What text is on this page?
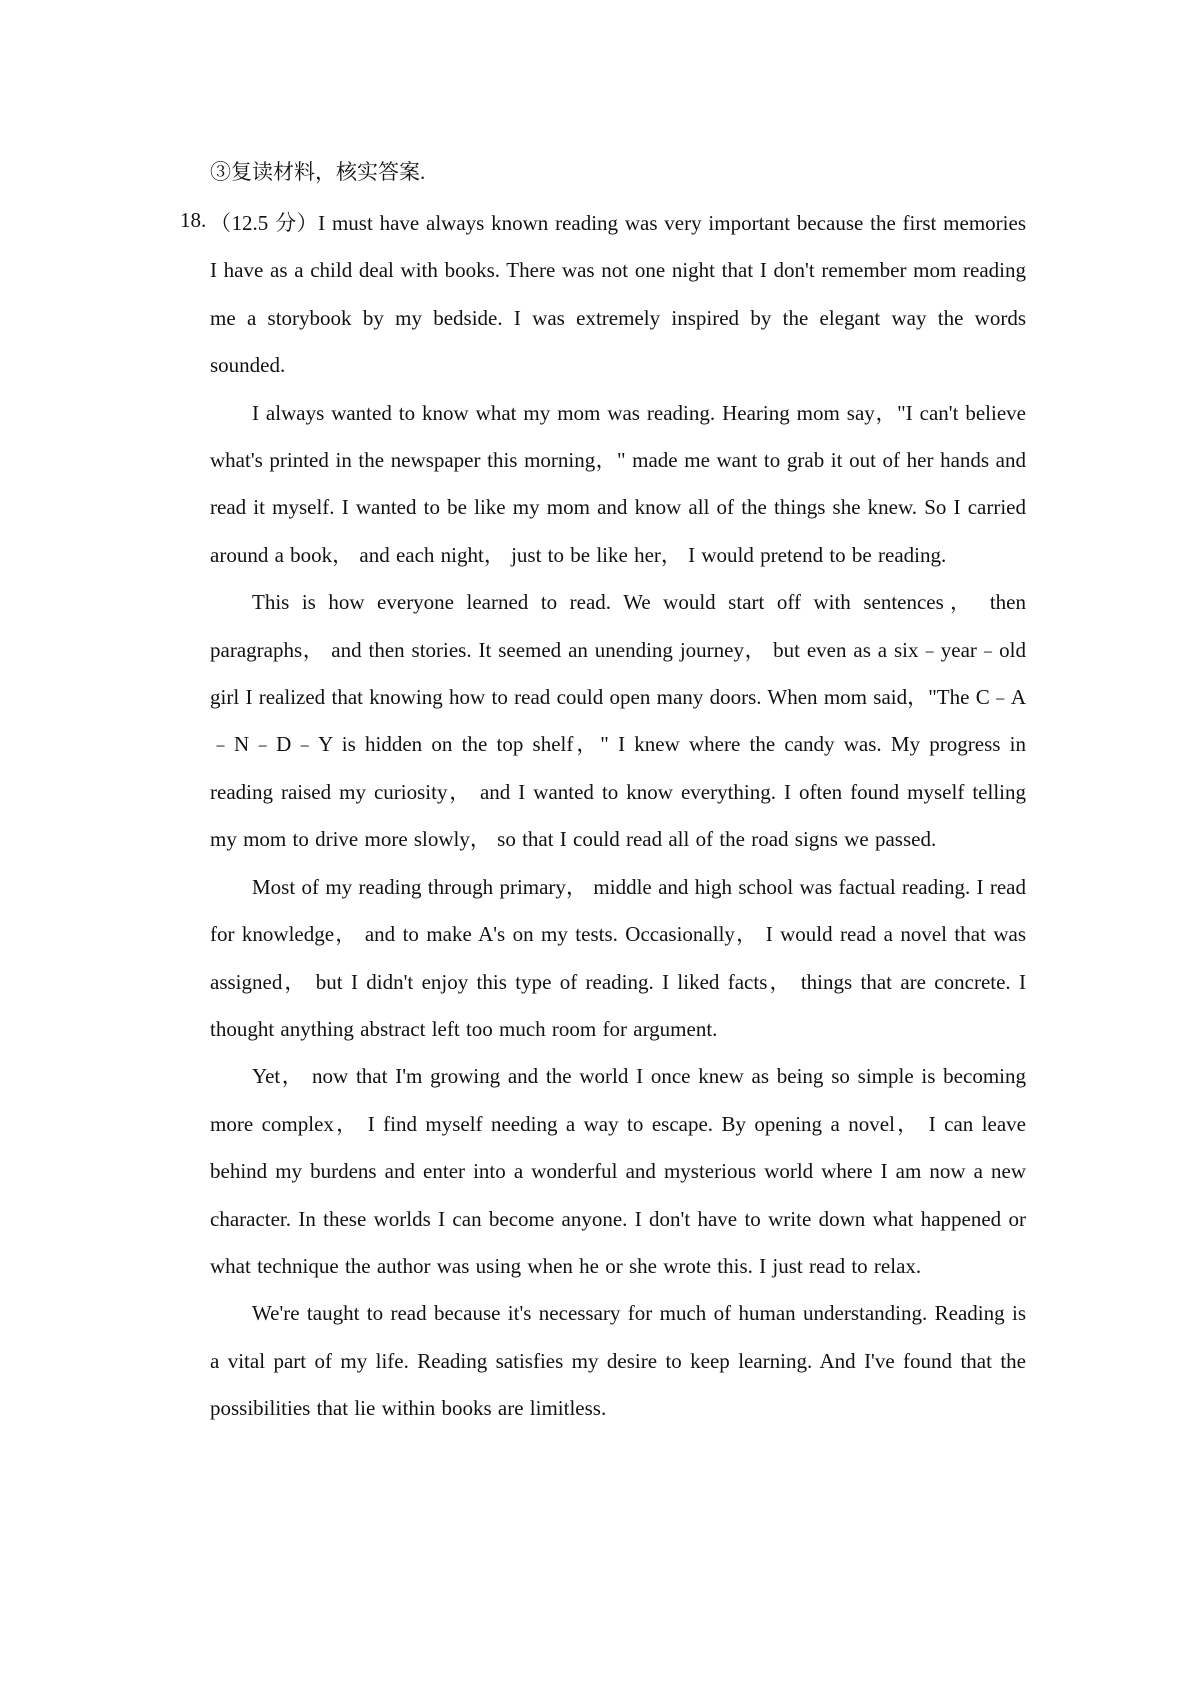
③复读材料，核实答案.
18. （12.5 分）I must have always known reading was very important because the first memories I have as a child deal with books. There was not one night that I don't remember mom reading me a storybook by my bedside. I was extremely inspired by the elegant way the words sounded.

I always wanted to know what my mom was reading. Hearing mom say，"I can't believe what's printed in the newspaper this morning，" made me want to grab it out of her hands and read it myself. I wanted to be like my mom and know all of the things she knew. So I carried around a book， and each night， just to be like her， I would pretend to be reading.

This is how everyone learned to read. We would start off with sentences， then paragraphs， and then stories. It seemed an unending journey， but even as a six﹣year﹣old girl I realized that knowing how to read could open many doors. When mom said，"The C﹣A﹣N﹣D﹣Y is hidden on the top shelf，" I knew where the candy was. My progress in reading raised my curiosity， and I wanted to know everything. I often found myself telling my mom to drive more slowly， so that I could read all of the road signs we passed.

Most of my reading through primary， middle and high school was factual reading. I read for knowledge， and to make A's on my tests. Occasionally， I would read a novel that was assigned， but I didn't enjoy this type of reading. I liked facts， things that are concrete. I thought anything abstract left too much room for argument.

Yet， now that I'm growing and the world I once knew as being so simple is becoming more complex， I find myself needing a way to escape. By opening a novel， I can leave behind my burdens and enter into a wonderful and mysterious world where I am now a new character. In these worlds I can become anyone. I don't have to write down what happened or what technique the author was using when he or she wrote this. I just read to relax.

We're taught to read because it's necessary for much of human understanding. Reading is a vital part of my life. Reading satisfies my desire to keep learning. And I've found that the possibilities that lie within books are limitless.
